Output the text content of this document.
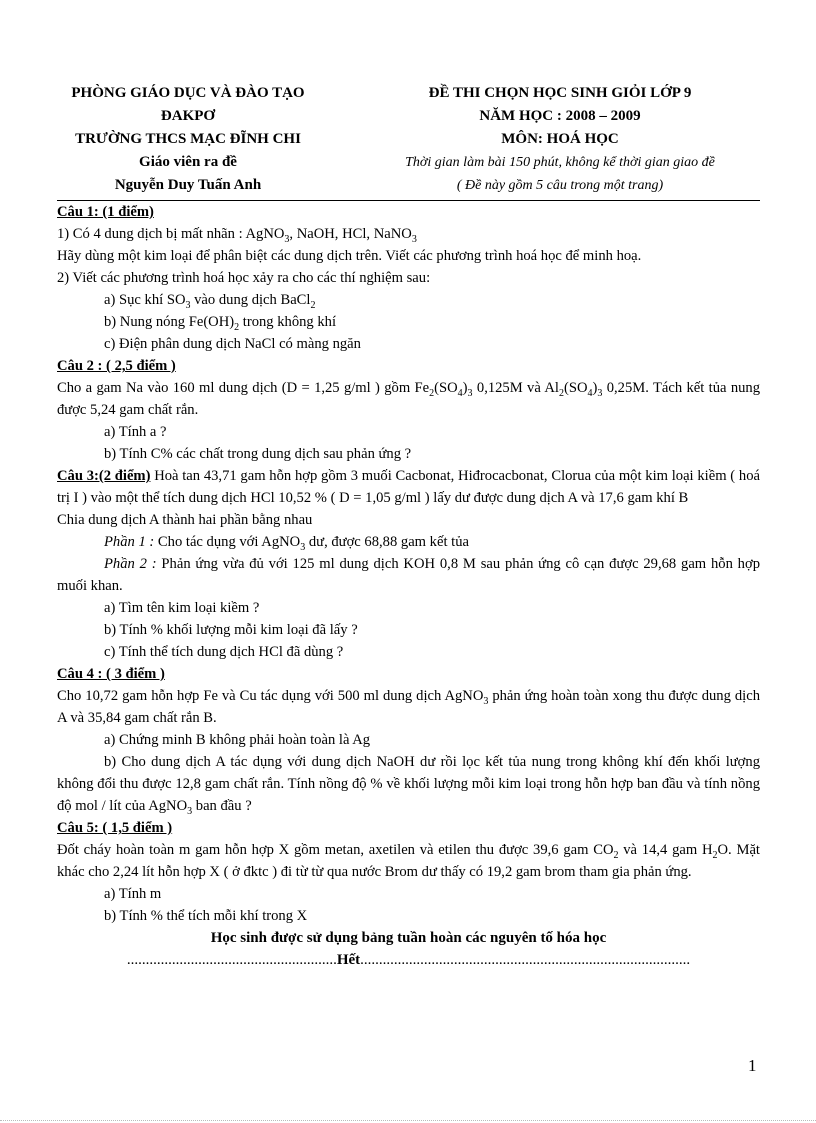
PHÒNG GIÁO DỤC VÀ ĐÀO TẠO
ĐAKPƠ
TRƯỜNG THCS MẠC ĐĨNH CHI
Giáo viên ra đề
Nguyễn Duy Tuấn Anh
ĐỀ THI CHỌN HỌC SINH GIỎI LỚP 9
NĂM HỌC : 2008 – 2009
MÔN: HOÁ HỌC
Thời gian làm bài 150 phút, không kể thời gian giao đề
( Đề này gồm 5 câu trong một trang)

Câu 1: (1 điểm)

1) Có 4 dung dịch bị mất nhãn : AgNO$_3$, NaOH, HCl, NaNO$_3$

Hãy dùng một kim loại để phân biệt các dung dịch trên. Viết các phương trình hoá học để minh hoạ.

2) Viết các phương trình hoá học xảy ra cho các thí nghiệm sau:

a) Sục khí $SO_3$ vào dung dịch BaCl$_2$

b) Nung nóng $Fe(OH)_2$ trong không khí

c) Điện phân dung dịch NaCl có màng ngăn

Câu 2 : ( 2,5 điểm )

Cho a gam Na vào 160 ml dung dịch (D = 1,25 g/ml ) gồm $Fe_2(SO_4)_3$ 0,125M và $Al_2(SO_4)_3$ 0,25M. Tách kết tủa nung được 5,24 gam chất rắn.

a) Tính a ?

b) Tính C% các chất trong dung dịch sau phản ứng ?

Câu 3:(2 điểm) Hoà tan 43,71 gam hỗn hợp gồm 3 muối Cacbonat, Hiđrocacbonat, Clorua của một kim loại kiềm ( hoá trị I ) vào một thể tích dung dịch HCl 10,52 % ( D = 1,05 g/ml ) lấy dư được dung dịch A và 17,6 gam khí B

Chia dung dịch A thành hai phần bằng nhau

Phần 1 : Cho tác dụng với AgNO$_3$ dư, được 68,88 gam kết tủa

Phần 2 : Phản ứng vừa đủ với 125 ml dung dịch KOH 0,8 M sau phản ứng cô cạn được 29,68 gam hỗn hợp muối khan.

a) Tìm tên kim loại kiềm ?

b) Tính % khối lượng mỗi kim loại đã lấy ?

c) Tính thể tích dung dịch HCl đã dùng ?

Câu 4 : ( 3 điểm )

Cho 10,72 gam hỗn hợp Fe và Cu tác dụng với 500 ml dung dịch AgNO$_3$ phản ứng hoàn toàn xong thu được dung dịch A và 35,84 gam chất rắn B.

a) Chứng minh B không phải hoàn toàn là Ag

b) Cho dung dịch A tác dụng với dung dịch NaOH dư rồi lọc kết tủa nung trong không khí đến khối lượng không đổi thu được 12,8 gam chất rắn. Tính nồng độ % về khối lượng mỗi kim loại trong hỗn hợp ban đầu và tính nồng độ mol / lít của AgNO$_3$ ban đầu ?

Câu 5: ( 1,5 điểm )

Đốt cháy hoàn toàn m gam hỗn hợp X gồm metan, axetilen và etilen thu được 39,6 gam $CO_2$ và 14,4 gam $H_2O$. Mặt khác cho 2,24 lít hỗn hợp X ( ở đktc ) đi từ từ qua nước Brom dư thấy có 19,2 gam brom tham gia phản ứng.

a) Tính m

b) Tính % thể tích mỗi khí trong X

Học sinh được sử dụng bảng tuần hoàn các nguyên tố hóa học

........................................................Hết........................................................................................

1
